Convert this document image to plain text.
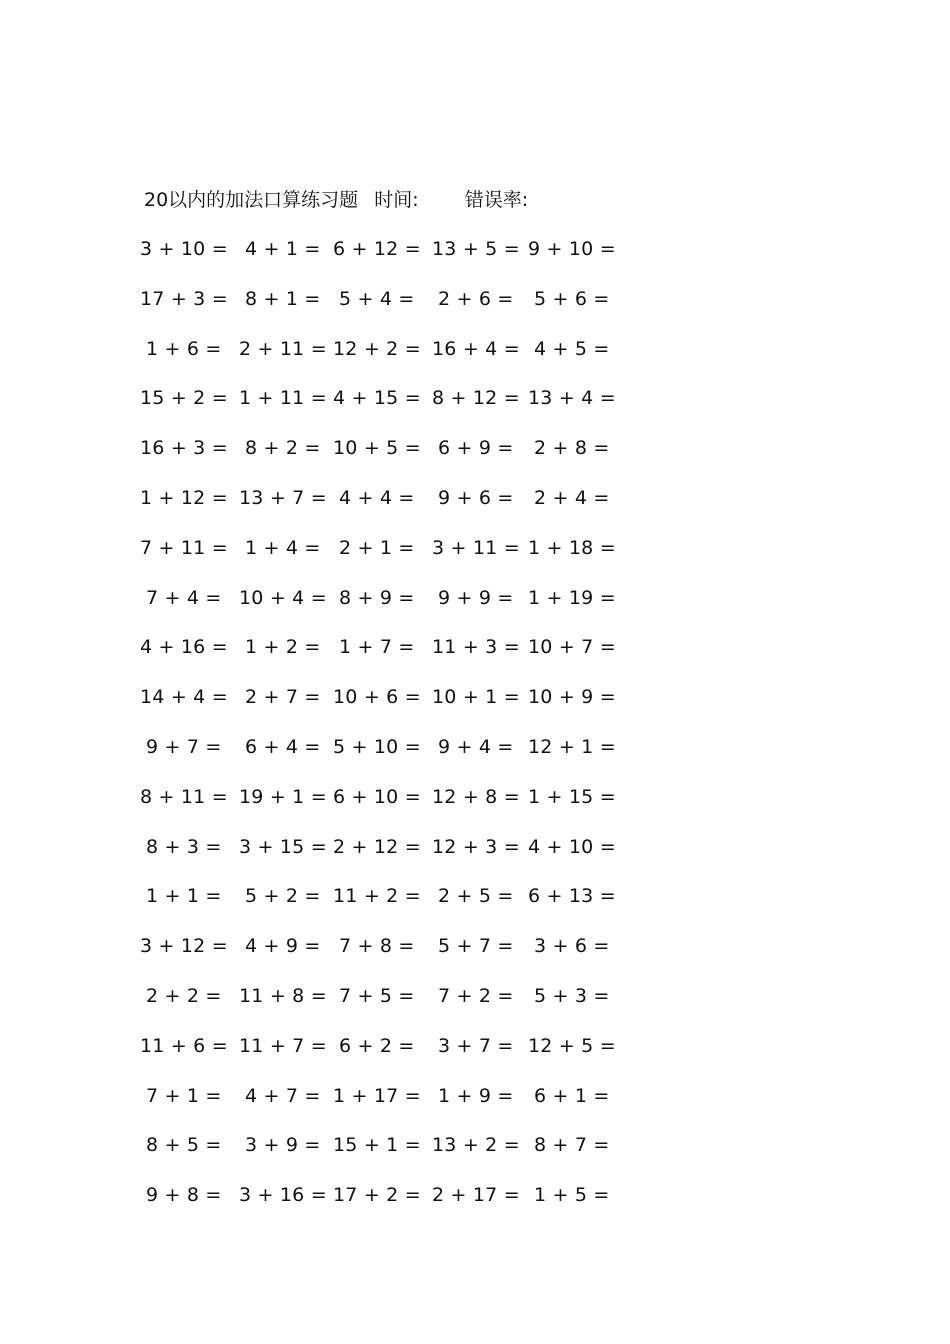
20以内的加法口算练习题 时间: 错误率:
3 + 10 = 4 + 1 = 6 + 12 = 13 + 5 = 9 + 10 =
17 + 3 = 8 + 1 = 5 + 4 = 2 + 6 = 5 + 6 =
1 + 6 = 2 + 11 = 12 + 2 = 16 + 4 = 4 + 5 =
15 + 2 = 1 + 11 = 4 + 15 = 8 + 12 = 13 + 4 =
16 + 3 = 8 + 2 = 10 + 5 = 6 + 9 = 2 + 8 =
1 + 12 = 13 + 7 = 4 + 4 = 9 + 6 = 2 + 4 =
7 + 11 = 1 + 4 = 2 + 1 = 3 + 11 = 1 + 18 =
7 + 4 = 10 + 4 = 8 + 9 = 9 + 9 = 1 + 19 =
4 + 16 = 1 + 2 = 1 + 7 = 11 + 3 = 10 + 7 =
14 + 4 = 2 + 7 = 10 + 6 = 10 + 1 = 10 + 9 =
9 + 7 = 6 + 4 = 5 + 10 = 9 + 4 = 12 + 1 =
8 + 11 = 19 + 1 = 6 + 10 = 12 + 8 = 1 + 15 =
8 + 3 = 3 + 15 = 2 + 12 = 12 + 3 = 4 + 10 =
1 + 1 = 5 + 2 = 11 + 2 = 2 + 5 = 6 + 13 =
3 + 12 = 4 + 9 = 7 + 8 = 5 + 7 = 3 + 6 =
2 + 2 = 11 + 8 = 7 + 5 = 7 + 2 = 5 + 3 =
11 + 6 = 11 + 7 = 6 + 2 = 3 + 7 = 12 + 5 =
7 + 1 = 4 + 7 = 1 + 17 = 1 + 9 = 6 + 1 =
8 + 5 = 3 + 9 = 15 + 1 = 13 + 2 = 8 + 7 =
9 + 8 = 3 + 16 = 17 + 2 = 2 + 17 = 1 + 5 =
